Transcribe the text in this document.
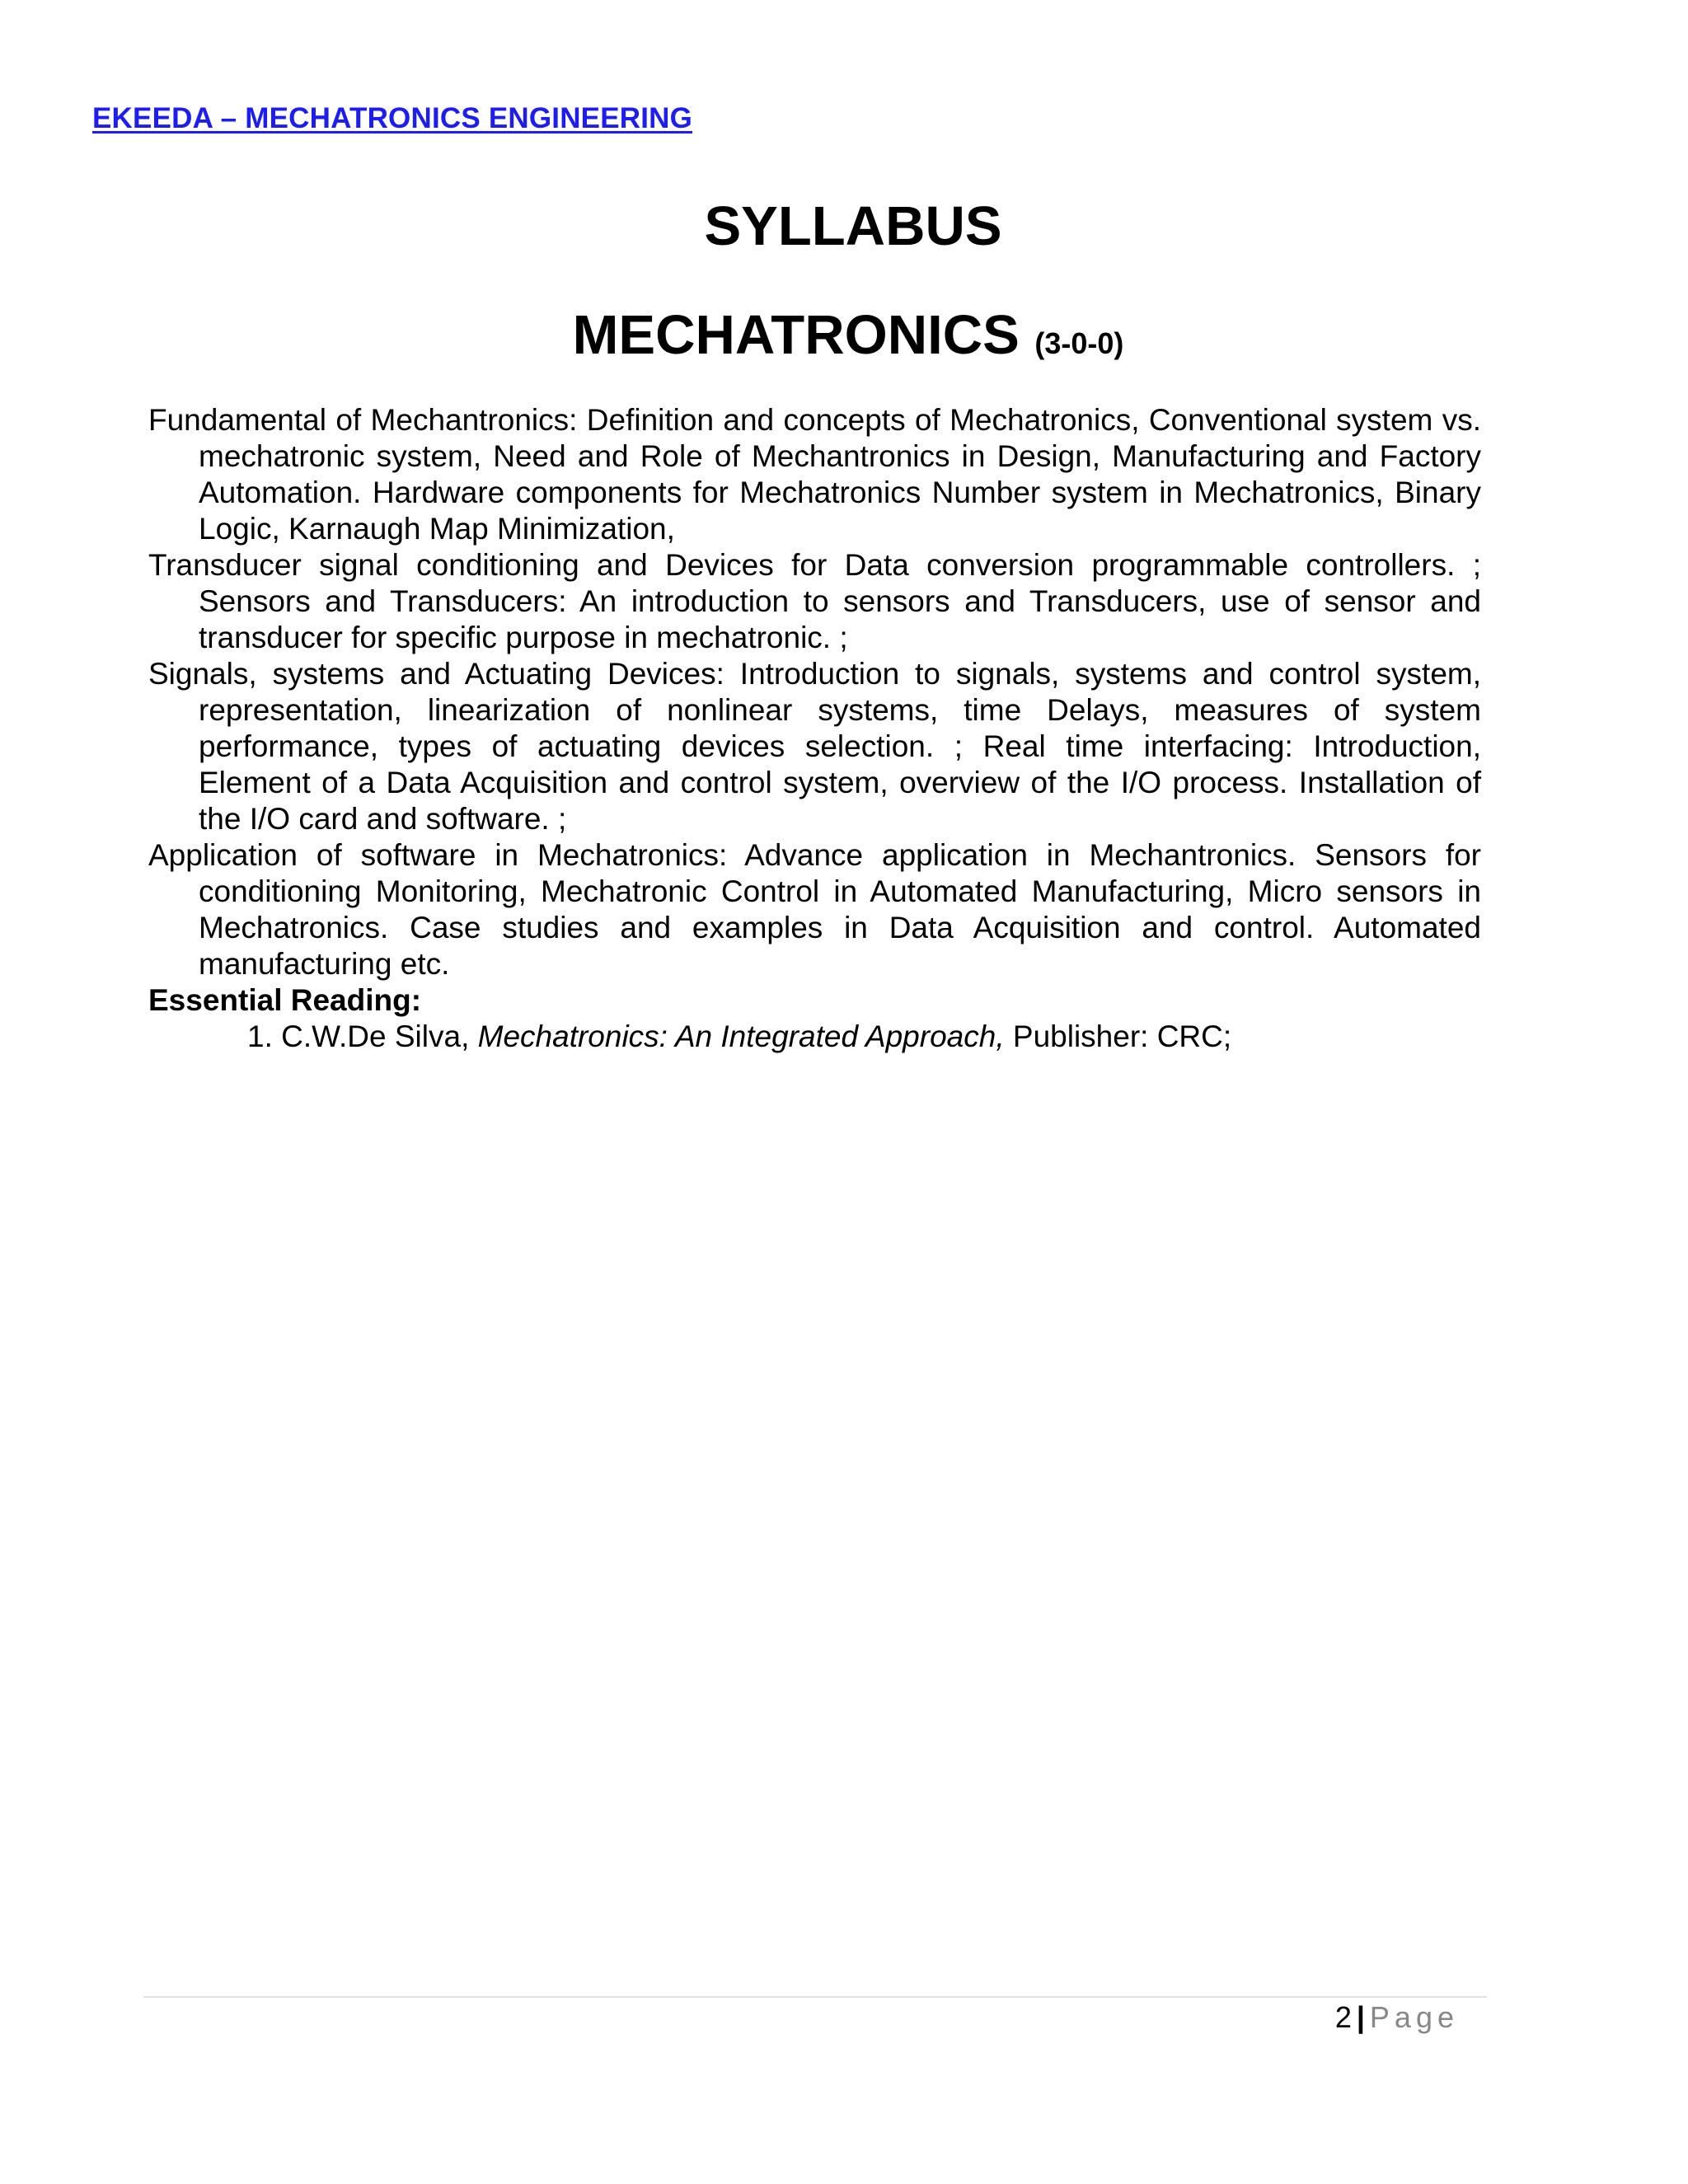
EKEEDA – MECHATRONICS ENGINEERING
SYLLABUS
MECHATRONICS (3-0-0)

Fundamental of Mechantronics: Definition and concepts of Mechatronics, Conventional system vs. mechatronic system, Need and Role of Mechantronics in Design, Manufacturing and Factory Automation. Hardware components for Mechatronics Number system in Mechatronics, Binary Logic, Karnaugh Map Minimization,

Transducer signal conditioning and Devices for Data conversion programmable controllers. ; Sensors and Transducers: An introduction to sensors and Transducers, use of sensor and transducer for specific purpose in mechatronic. ;

Signals, systems and Actuating Devices: Introduction to signals, systems and control system, representation, linearization of nonlinear systems, time Delays, measures of system performance, types of actuating devices selection. ; Real time interfacing: Introduction, Element of a Data Acquisition and control system, overview of the I/O process. Installation of the I/O card and software. ;

Application of software in Mechatronics: Advance application in Mechantronics. Sensors for conditioning Monitoring, Mechatronic Control in Automated Manufacturing, Micro sensors in Mechatronics. Case studies and examples in Data Acquisition and control. Automated manufacturing etc.

Essential Reading:

1. C.W.De Silva, Mechatronics: An Integrated Approach, Publisher: CRC;
2 | Page
